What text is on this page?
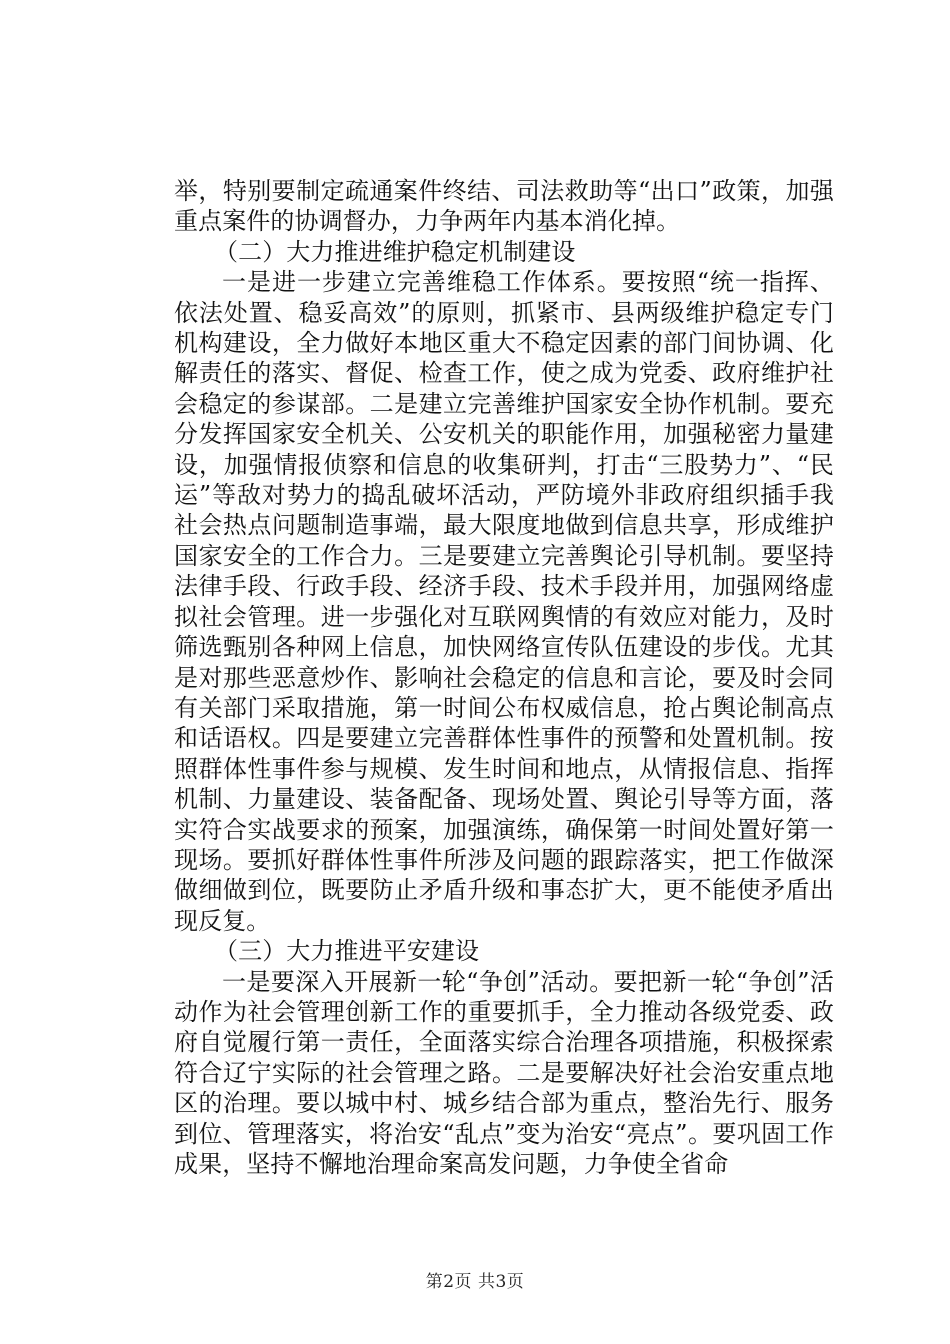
举，特别要制定疏通案件终结、司法救助等“出口”政策，加强重点案件的协调督办，力争两年内基本消化掉。

（二）大力推进维护稳定机制建设

一是进一步建立完善维稳工作体系。要按照“统一指挥、依法处置、稳妥高效”的原则，抓紧市、县两级维护稳定专门机构建设，全力做好本地区重大不稳定因素的部门间协调、化解责任的落实、督促、检查工作，使之成为党委、政府维护社会稳定的参谋部。二是建立完善维护国家安全协作机制。要充分发挥国家安全机关、公安机关的职能作用，加强秘密力量建设，加强情报侦察和信息的收集研判，打击“三股势力”、“民运”等敌对势力的捣乱破坏活动，严防境外非政府组织插手我社会热点问题制造事端，最大限度地做到信息共享，形成维护国家安全的工作合力。三是要建立完善舆论引导机制。要坚持法律手段、行政手段、经济手段、技术手段并用，加强网络虚拟社会管理。进一步强化对互联网舆情的有效应对能力，及时筛选甄别各种网上信息，加快网络宣传队伍建设的步伐。尤其是对那些恶意炒作、影响社会稳定的信息和言论，要及时会同有关部门采取措施，第一时间公布权威信息，抢占舆论制高点和话语权。四是要建立完善群体性事件的预警和处置机制。按照群体性事件参与规模、发生时间和地点，从情报信息、指挥机制、力量建设、装备配备、现场处置、舆论引导等方面，落实符合实战要求的预案，加强演练，确保第一时间处置好第一现场。要抓好群体性事件所涉及问题的跟踪落实，把工作做深做细做到位，既要防止矛盾升级和事态扩大，更不能使矛盾出现反复。

（三）大力推进平安建设

一是要深入开展新一轮“争创”活动。要把新一轮“争创”活动作为社会管理创新工作的重要抓手，全力推动各级党委、政府自觉履行第一责任，全面落实综合治理各项措施，积极探索符合辽宁实际的社会管理之路。二是要解决好社会治安重点地区的治理。要以城中村、城乡结合部为重点，整治先行、服务到位、管理落实，将治安“乱点”变为治安“亮点”。要巩固工作成果，坚持不懈地治理命案高发问题，力争使全省命

第2页 共3页
